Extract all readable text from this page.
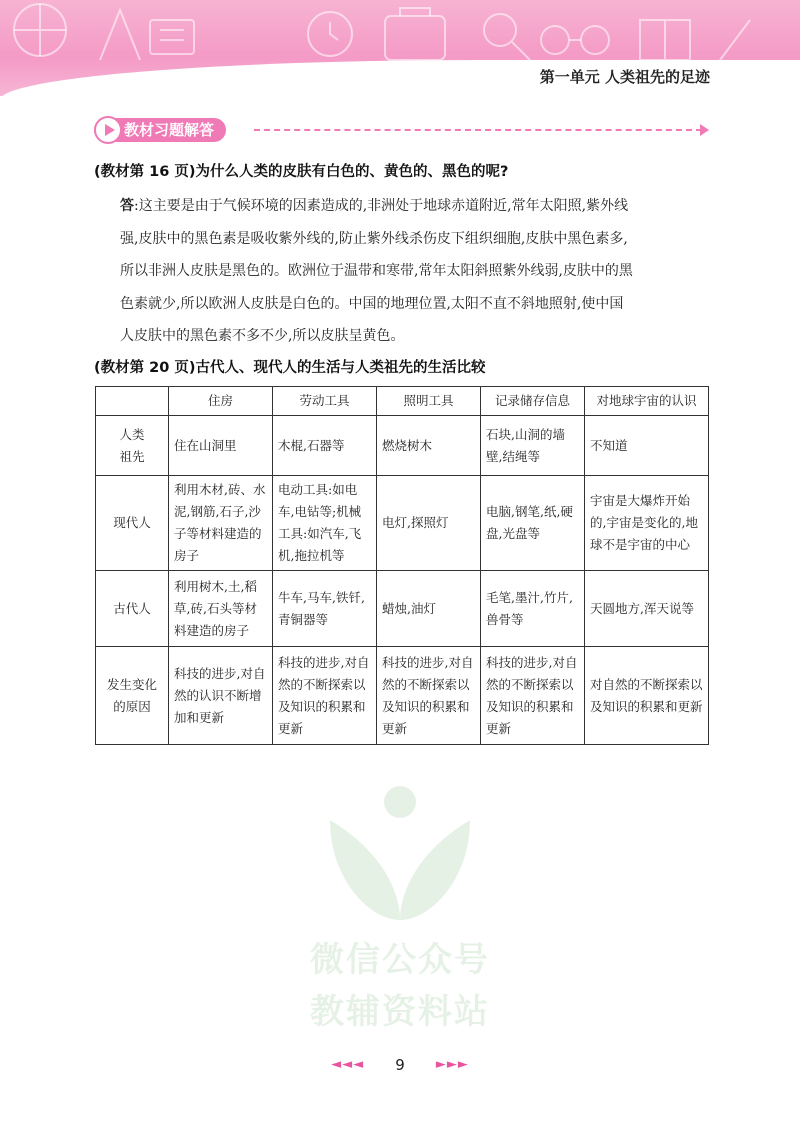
第一单元 人类祖先的足迹
教材习题解答
(教材第 16 页)为什么人类的皮肤有白色的、黄色的、黑色的呢?
答:这主要是由于气候环境的因素造成的,非洲处于地球赤道附近,常年太阳照,紫外线
强,皮肤中的黑色素是吸收紫外线的,防止紫外线杀伤皮下组织细胞,皮肤中黑色素多,
所以非洲人皮肤是黑色的。欧洲位于温带和寒带,常年太阳斜照紫外线弱,皮肤中的黑
色素就少,所以欧洲人皮肤是白色的。中国的地理位置,太阳不直不斜地照射,使中国
人皮肤中的黑色素不多不少,所以皮肤呈黄色。
(教材第 20 页)古代人、现代人的生活与人类祖先的生活比较
	住房	劳动工具	照明工具	记录储存信息	对地球宇宙的认识
人类
祖先	住在山洞里	木棍,石器等	燃烧树木	石块,山洞的墙壁,结绳等	不知道
现代人	利用木材,砖、水泥,钢筋,石子,沙子等材料建造的房子	电动工具:如电车,电钻等;机械工具:如汽车,飞机,拖拉机等	电灯,探照灯	电脑,钢笔,纸,硬盘,光盘等	宇宙是大爆炸开始的,宇宙是变化的,地球不是宇宙的中心
古代人	利用树木,土,稻草,砖,石头等材料建造的房子	牛车,马车,铁钎,青铜器等	蜡烛,油灯	毛笔,墨汁,竹片,兽骨等	天圆地方,浑天说等
发生变化
的原因	科技的进步,对自然的认识不断增加和更新	科技的进步,对自然的不断探索以及知识的积累和更新	科技的进步,对自然的不断探索以及知识的积累和更新	科技的进步,对自然的不断探索以及知识的积累和更新	对自然的不断探索以及知识的积累和更新
微信公众号
教辅资料站
◄◄◄ 9 ►►►
